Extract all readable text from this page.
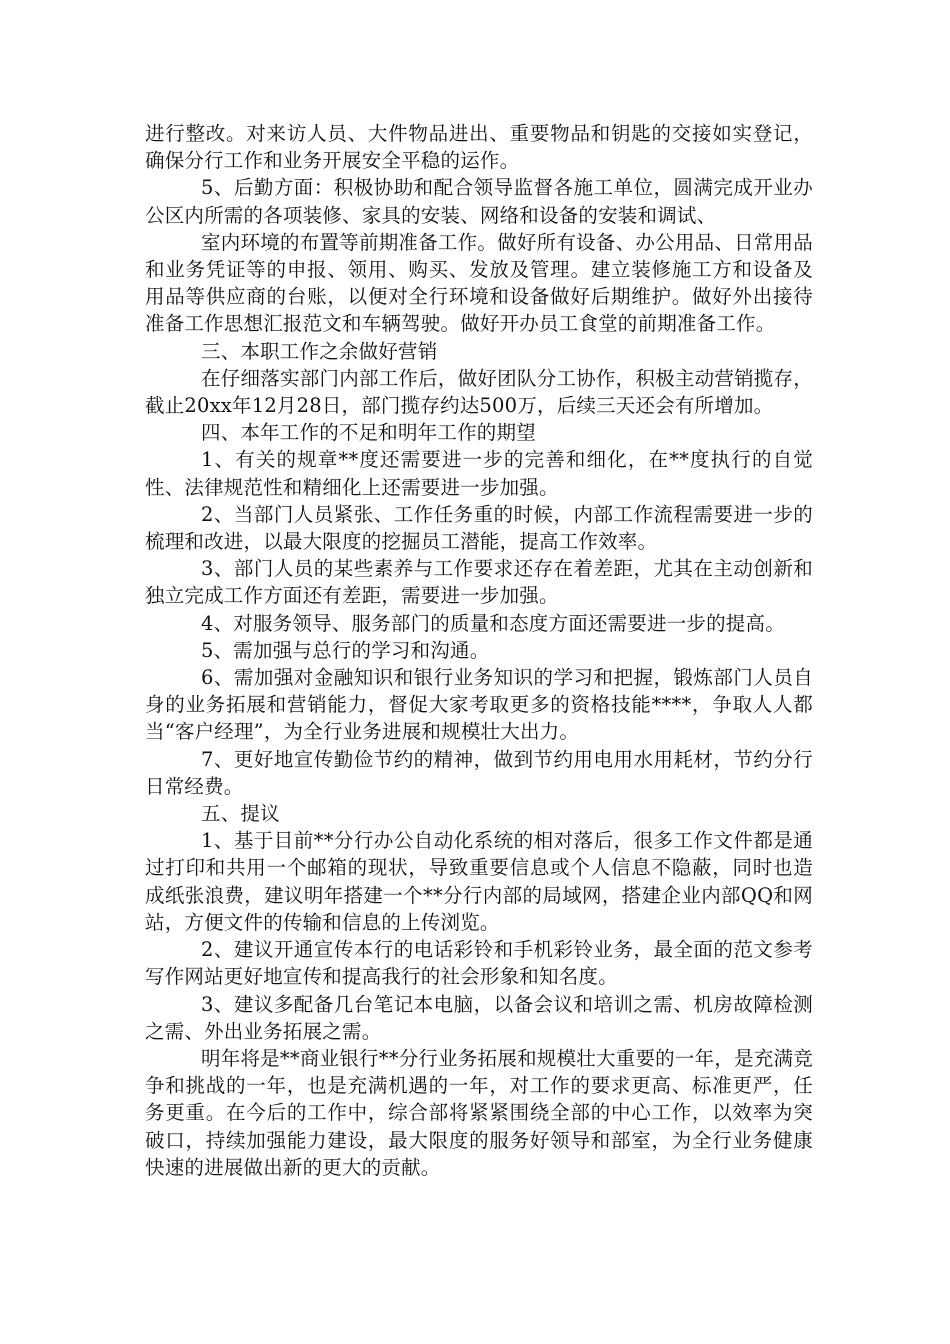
进行整改。对来访人员、大件物品进出、重要物品和钥匙的交接如实登记，确保分行工作和业务开展安全平稳的运作。

5、后勤方面：积极协助和配合领导监督各施工单位，圆满完成开业办公区内所需的各项装修、家具的安装、网络和设备的安装和调试、

室内环境的布置等前期准备工作。做好所有设备、办公用品、日常用品和业务凭证等的申报、领用、购买、发放及管理。建立装修施工方和设备及用品等供应商的台账，以便对全行环境和设备做好后期维护。做好外出接待准备工作思想汇报范文和车辆驾驶。做好开办员工食堂的前期准备工作。

三、本职工作之余做好营销

在仔细落实部门内部工作后，做好团队分工协作，积极主动营销揽存，截止20xx年12月28日，部门揽存约达500万，后续三天还会有所增加。

四、本年工作的不足和明年工作的期望

1、有关的规章**度还需要进一步的完善和细化，在**度执行的自觉性、法律规范性和精细化上还需要进一步加强。

2、当部门人员紧张、工作任务重的时候，内部工作流程需要进一步的梳理和改进，以最大限度的挖掘员工潜能，提高工作效率。

3、部门人员的某些素养与工作要求还存在着差距，尤其在主动创新和独立完成工作方面还有差距，需要进一步加强。

4、对服务领导、服务部门的质量和态度方面还需要进一步的提高。

5、需加强与总行的学习和沟通。

6、需加强对金融知识和银行业务知识的学习和把握，锻炼部门人员自身的业务拓展和营销能力，督促大家考取更多的资格技能****，争取人人都当“客户经理”，为全行业务进展和规模壮大出力。

7、更好地宣传勤俭节约的精神，做到节约用电用水用耗材，节约分行日常经费。

五、提议

1、基于目前**分行办公自动化系统的相对落后，很多工作文件都是通过打印和共用一个邮箱的现状，导致重要信息或个人信息不隐蔽，同时也造成纸张浪费，建议明年搭建一个**分行内部的局域网，搭建企业内部QQ和网站，方便文件的传输和信息的上传浏览。

2、建议开通宣传本行的电话彩铃和手机彩铃业务，最全面的范文参考写作网站更好地宣传和提高我行的社会形象和知名度。

3、建议多配备几台笔记本电脑，以备会议和培训之需、机房故障检测之需、外出业务拓展之需。

明年将是**商业银行**分行业务拓展和规模壮大重要的一年，是充满竞争和挑战的一年，也是充满机遇的一年，对工作的要求更高、标准更严，任务更重。在今后的工作中，综合部将紧紧围绕全部的中心工作，以效率为突破口，持续加强能力建设，最大限度的服务好领导和部室，为全行业务健康快速的进展做出新的更大的贡献。
